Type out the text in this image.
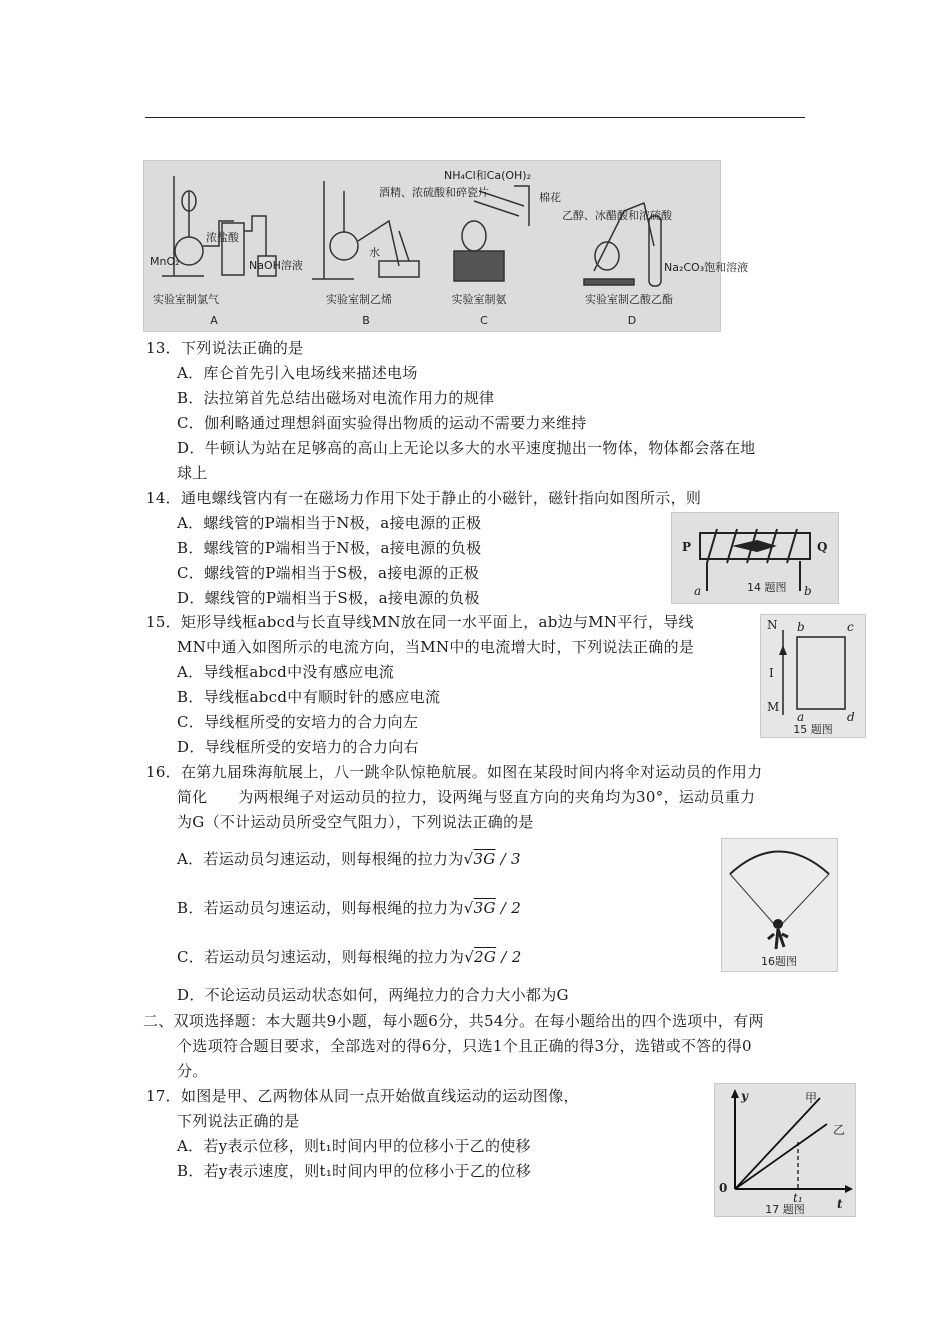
实验室制氯气	实验室制乙烯	实验室制氨	实验室制乙酸乙酯
A	B	C	D
MnO₂
浓盐酸
NaOH溶液
酒精、浓硫酸和碎瓷片
水
NH₄Cl和Ca(OH)₂
棉花
乙醇、冰醋酸和浓硫酸
Na₂CO₃饱和溶液
13．下列说法正确的是
A．库仑首先引入电场线来描述电场
B．法拉第首先总结出磁场对电流作用力的规律
C．伽利略通过理想斜面实验得出物质的运动不需要力来维持
D．牛顿认为站在足够高的高山上无论以多大的水平速度抛出一物体，物体都会落在地
球上
14．通电螺线管内有一在磁场力作用下处于静止的小磁针，磁针指向如图所示，则
A．螺线管的P端相当于N极，a接电源的正极
B．螺线管的P端相当于N极，a接电源的负极
C．螺线管的P端相当于S极，a接电源的正极
D．螺线管的P端相当于S极，a接电源的负极
P	Q
a	b
14 题图
15．矩形导线框abcd与长直导线MN放在同一水平面上，ab边与MN平行，导线
MN中通入如图所示的电流方向，当MN中的电流增大时，下列说法正确的是
A．导线框abcd中没有感应电流
B．导线框abcd中有顺时针的感应电流
C．导线框所受的安培力的合力向左
D．导线框所受的安培力的合力向右
N
M
I
b	c
a	d
15 题图
16．在第九届珠海航展上，八一跳伞队惊艳航展。如图在某段时间内将伞对运动员的作用力
简化　　为两根绳子对运动员的拉力，设两绳与竖直方向的夹角均为30°，运动员重力
为G（不计运动员所受空气阻力），下列说法正确的是
A．若运动员匀速运动，则每根绳的拉力为√3G / 3
B．若运动员匀速运动，则每根绳的拉力为√3G / 2
C．若运动员匀速运动，则每根绳的拉力为√2G / 2
D．不论运动员运动状态如何，两绳拉力的合力大小都为G
16题图
二、双项选择题：本大题共9小题，每小题6分，共54分。在每小题给出的四个选项中，有两
个选项符合题目要求，全部选对的得6分，只选1个且正确的得3分，选错或不答的得0
分。
17．如图是甲、乙两物体从同一点开始做直线运动的运动图像，
下列说法正确的是
A．若y表示位移，则t₁时间内甲的位移小于乙的使移
B．若y表示速度，则t₁时间内甲的位移小于乙的位移
y
t
0
甲
乙
t₁
17 题图
